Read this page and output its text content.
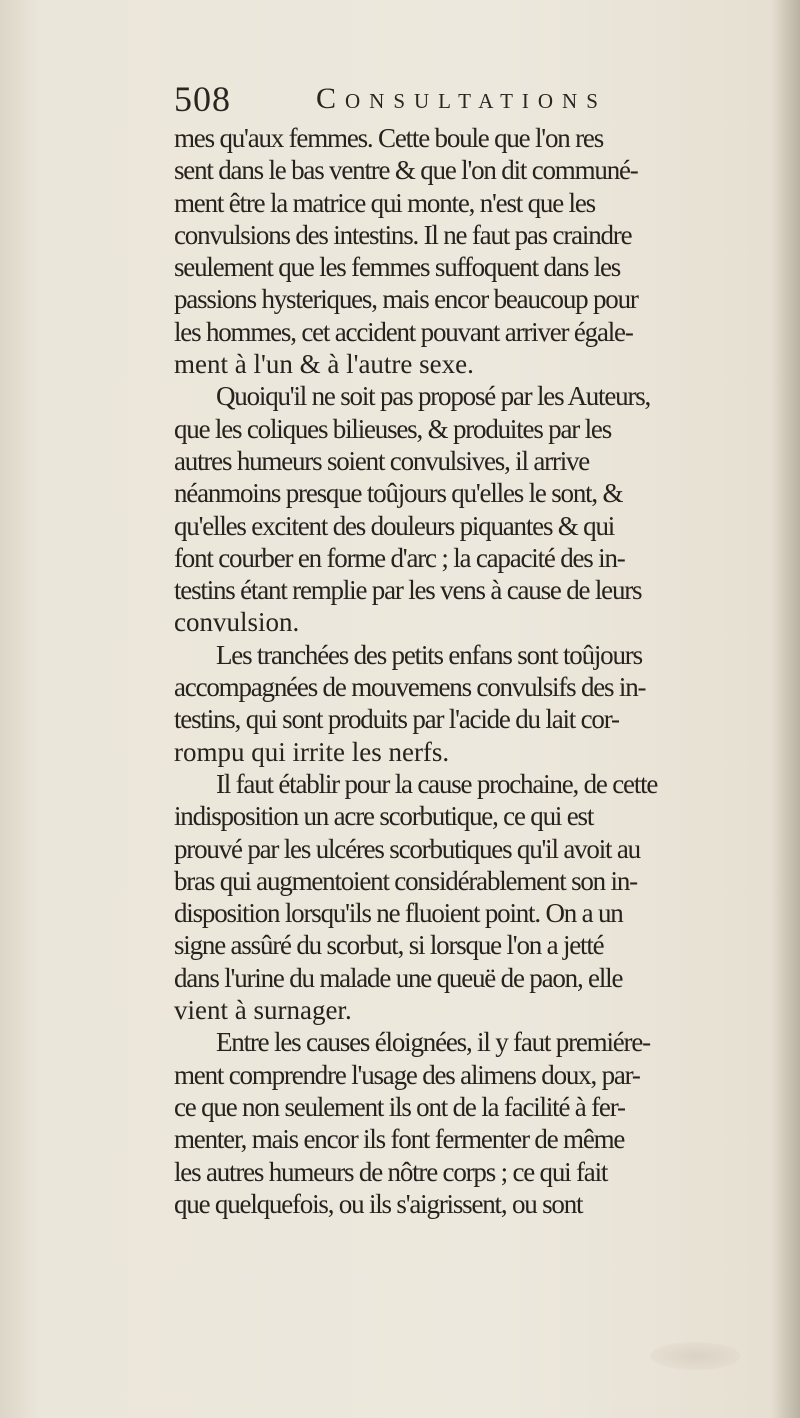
508	Consultations
mes qu'aux femmes. Cette boule que l'on res
sent dans le bas ventre & que l'on dit communé-
ment être la matrice qui monte, n'est que les
convulsions des intestins. Il ne faut pas craindre
seulement que les femmes suffoquent dans les
passions hysteriques, mais encor beaucoup pour
les hommes, cet accident pouvant arriver égale-
ment à l'un & à l'autre sexe.
Quoiqu'il ne soit pas proposé par les Auteurs,
que les coliques bilieuses, & produites par les
autres humeurs soient convulsives, il arrive
néanmoins presque toûjours qu'elles le sont, &
qu'elles excitent des douleurs piquantes & qui
font courber en forme d'arc ; la capacité des in-
testins étant remplie par les vens à cause de leurs
convulsion.
Les tranchées des petits enfans sont toûjours
accompagnées de mouvemens convulsifs des in-
testins, qui sont produits par l'acide du lait cor-
rompu qui irrite les nerfs.
Il faut établir pour la cause prochaine, de cette
indisposition un acre scorbutique, ce qui est
prouvé par les ulcéres scorbutiques qu'il avoit au
bras qui augmentoient considérablement son in-
disposition lorsqu'ils ne fluoient point. On a un
signe assûré du scorbut, si lorsque l'on a jetté
dans l'urine du malade une queuë de paon, elle
vient à surnager.
Entre les causes éloignées, il y faut premiére-
ment comprendre l'usage des alimens doux, par-
ce que non seulement ils ont de la facilité à fer-
menter, mais encor ils font fermenter de même
les autres humeurs de nôtre corps ; ce qui fait
que quelquefois, ou ils s'aigrissent, ou sont
